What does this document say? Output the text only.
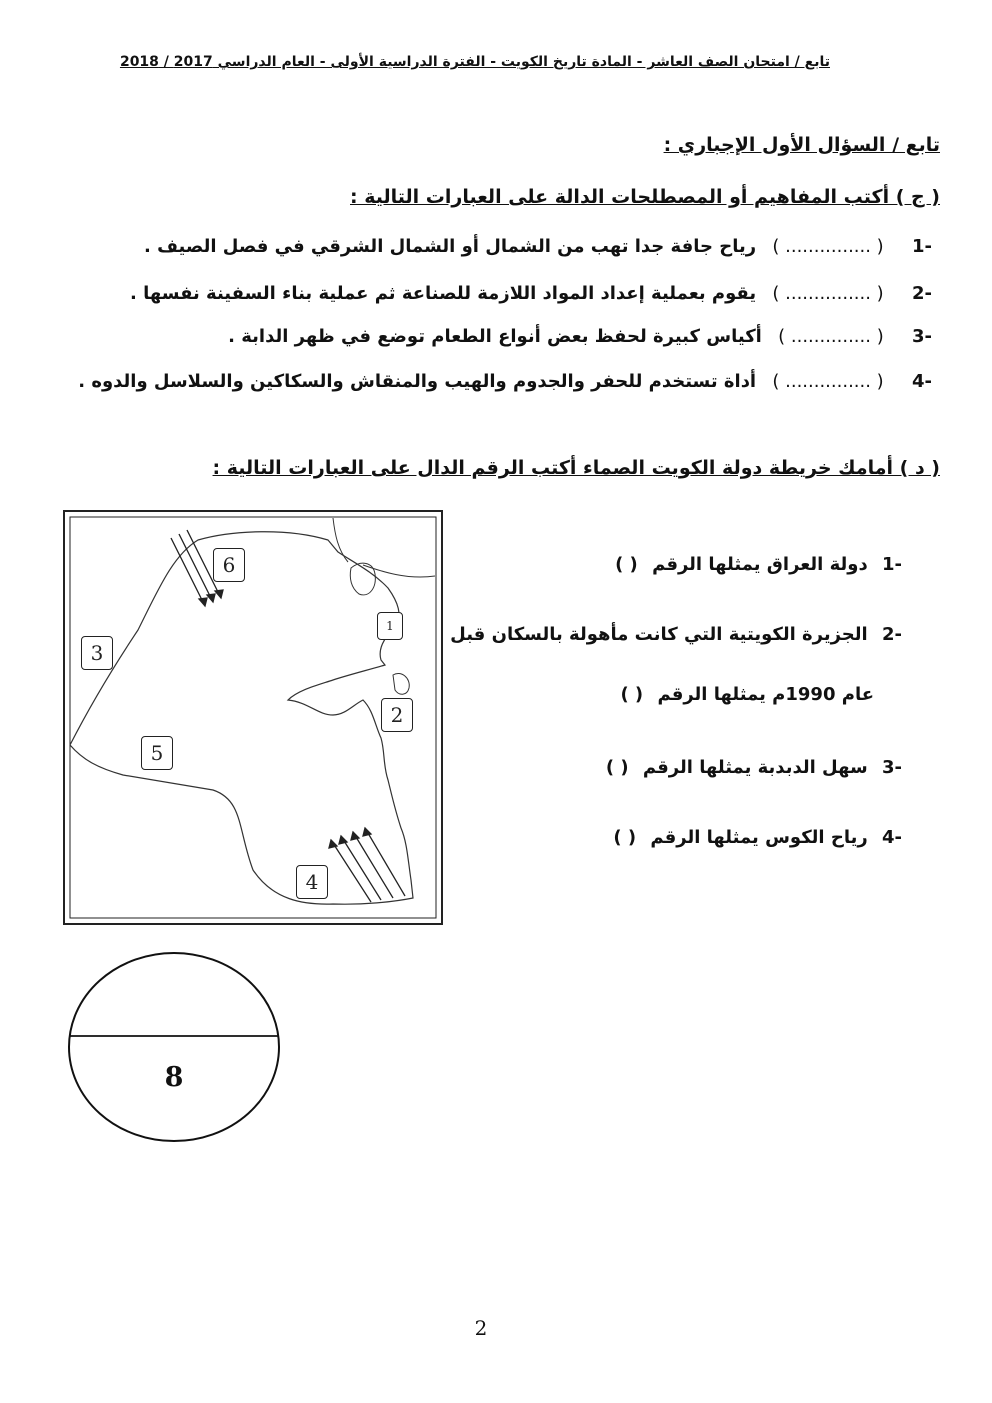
تابع / امتحان الصف العاشر - المادة تاريخ الكويت - الفترة الدراسية الأولى - العام الدراسي 2017 / 2018
تابع / السؤال الأول الإجباري :
( ج ) أكتب المفاهيم أو المصطلحات الدالة على العبارات التالية :
-1 ( ............... ) رياح جافة جدا تهب من الشمال أو الشمال الشرقي في فصل الصيف .
-2 ( ............... ) يقوم بعملية إعداد المواد اللازمة للصناعة ثم عملية بناء السفينة نفسها .
-3 ( .............. ) أكياس كبيرة لحفظ بعض أنواع الطعام توضع في ظهر الدابة .
-4 ( ............... ) أداة تستخدم للحفر والجدوم والهيب والمنقاش والسكاكين والسلاسل والدوه .
( د ) أمامك خريطة دولة الكويت الصماء أكتب الرقم الدال على العبارات التالية :
-1 دولة العراق يمثلها الرقم ( )
-2 الجزيرة الكويتية التي كانت مأهولة بالسكان قبل
عام 1990م يمثلها الرقم ( )
-3 سهل الدبدبة يمثلها الرقم ( )
-4 رياح الكوس يمثلها الرقم ( )
6
3
1
2
5
4
8
2
